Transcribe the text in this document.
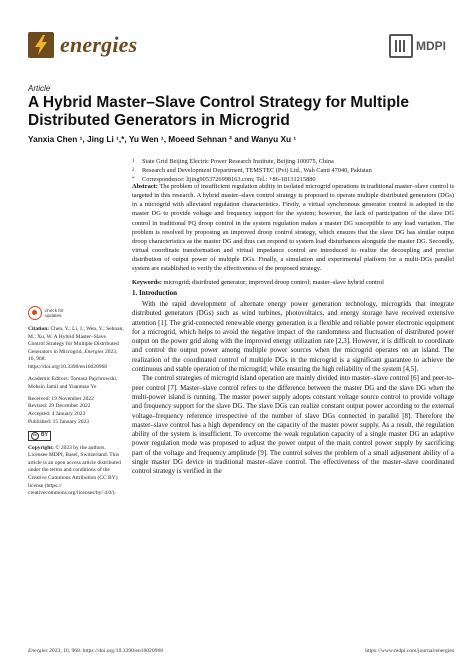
energies	MDPI
Article
A Hybrid Master–Slave Control Strategy for Multiple Distributed Generators in Microgrid
Yanxia Chen ¹, Jing Li ¹,*, Yu Wen ¹, Moeed Sehnan ² and Wanyu Xu ¹
1	State Grid Beijing Electric Power Research Institute, Beijing 100075, China
2	Research and Development Department, TEMSTEC (Pvt) Ltd., Wah Cantt 47040, Pakistan
*	Correspondence: lijing9053726998163.com; Tel.: +86-18131215880
Abstract: The problem of insufficient regulation ability in isolated microgrid operations in traditional master–slave control is targeted in this research. A hybrid master–slave control strategy is proposed to operate multiple distributed generators (DGs) in a microgrid with alleviated regulation characteristics. Firstly, a virtual synchronous generator control is adopted in the master DG to provide voltage and frequency support for the system; however, the lack of participation of the slave DG control in traditional PQ droop control in the system regulation makes a master DG susceptible to any load variation. The problem is resolved by proposing an improved droop control strategy, which ensures that the slave DG has similar output droop characteristics as the master DG and thus can respond to system load disturbances alongside the master DG. Secondly, virtual coordinate transformation and virtual impedance control are introduced to realize the decoupling and precise distribution of output power of multiple DGs. Finally, a simulation and experimental platform for a multi-DGs parallel system are established to verify the effectiveness of the proposed strategy.
Keywords: microgrid; distributed generator; improved droop control; master–slave hybrid control
check for
updates
Citation: Chen, Y.; Li, J.; Wen, Y.; Sehnan, M.; Xu, W. A Hybrid Master–Slave Control Strategy for Multiple Distributed Generators in Microgrid. Energies 2023, 16, 968. https://doi.org/10.3390/en16020968
Academic Editors: Tomasz Pajchrowski, Mohsin Jamil and Yuanmao Ye
Received: 19 November 2022
Revised: 29 December 2022
Accepted: 4 January 2023
Published: 15 January 2023
cc BY
Copyright: © 2023 by the authors. Licensee MDPI, Basel, Switzerland. This article is an open access article distributed under the terms and conditions of the Creative Commons Attribution (CC BY) license (https:// creativecommons.org/licenses/by/ 4.0/).
1. Introduction

With the rapid development of alternate energy power generation technology, microgrids that integrate distributed generators (DGs) such as wind turbines, photovoltaics, and energy storage have received extensive attention [1]. The grid-connected renewable energy generation is a flexible and reliable power electronic equipment for a microgrid, which helps to avoid the negative impact of the randomness and fluctuation of distributed power output on the power grid along with the improved energy utilization rate [2,3]. However, it is difficult to coordinate and control the output power among multiple power sources when the microgrid operates on an island. The realization of the coordinated control of multiple DGs in the microgrid is a significant guarantee to achieve the continuous and stable operation of the microgrid; while ensuring the high reliability of the system [4,5].

The control strategies of microgrid island operation are mainly divided into master–slave control [6] and peer-to-peer control [7]. Master–slave control refers to the difference between the master DG and the slave DG when the multi-power island is running. The master power supply adopts constant voltage source control to provide voltage and frequency support for the slave DG. The slave DGs can realize constant output power according to the external voltage–frequency reference irrespective of the number of slave DGs connected in parallel [8]. Therefore the master–slave control has a high dependency on the capacity of the master power supply. As a result, the regulation ability of the system is insufficient. To overcome the weak regulation capacity of a single master DG an adaptive power regulation mode was proposed to adjust the power output of the main control power supply by sacrificing part of the voltage and frequency amplitude [9]. The control solves the problem of a small adjustment ability of a single master DG device in traditional master–slave control. The effectiveness of the master–slave coordinated control strategy is verified in the

Energies 2023, 16, 968. https://doi.org/10.3390/en16020968	https://www.mdpi.com/journal/energies
